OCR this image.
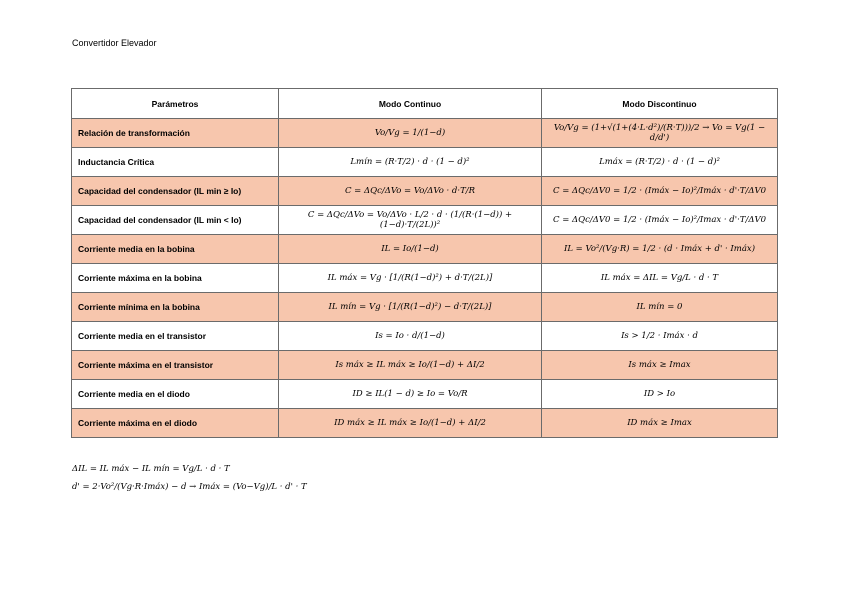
Convertidor Elevador
Parámetros	Modo Continuo	Modo Discontinuo
Relación de transformación	Vo/Vg = 1/(1−d)	Vo/Vg = (1+√(1+(4·L·d²)/(R·T)))/2 → Vo = Vg(1 − d/d')
Inductancia Crítica	Lmín = (R·T/2) · d · (1 − d)²	Lmáx = (R·T/2) · d · (1 − d)²
Capacidad del condensador (IL min ≥ Io)	C = ΔQc/ΔVo = Vo/ΔVo · d·T/R	C = ΔQc/ΔV0 = 1/2 · (Imáx − Io)²/Imáx · d'·T/ΔV0
Capacidad del condensador (IL min < Io)	C = ΔQc/ΔVo = Vo/ΔVo · L/2 · d · (1/(R·(1−d)) + (1−d)·T/(2L))²	C = ΔQc/ΔV0 = 1/2 · (Imáx − Io)²/Imax · d'·T/ΔV0
Corriente media en la bobina	IL = Io/(1−d)	IL = Vo²/(Vg·R) = 1/2 · (d · Imáx + d' · Imáx)
Corriente máxima en la bobina	IL máx = Vg · [1/(R(1−d)²) + d·T/(2L)]	IL máx = ΔIL = Vg/L · d · T
Corriente mínima en la bobina	IL mín = Vg · [1/(R(1−d)²) − d·T/(2L)]	IL mín = 0
Corriente media en el transistor	Is = Io · d/(1−d)	Is > 1/2 · Imáx · d
Corriente máxima en el transistor	Is máx ≥ IL máx ≥ Io/(1−d) + ΔI/2	Is máx ≥ Imax
Corriente media en el diodo	ID ≥ IL(1 − d) ≥ Io = Vo/R	ID > Io
Corriente máxima en el diodo	ID máx ≥ IL máx ≥ Io/(1−d) + ΔI/2	ID máx ≥ Imax
ΔIL = IL máx − IL mín = Vg/L · d · T
d' = 2·Vo²/(Vg·R·Imáx) − d → Imáx = (Vo−Vg)/L · d' · T
